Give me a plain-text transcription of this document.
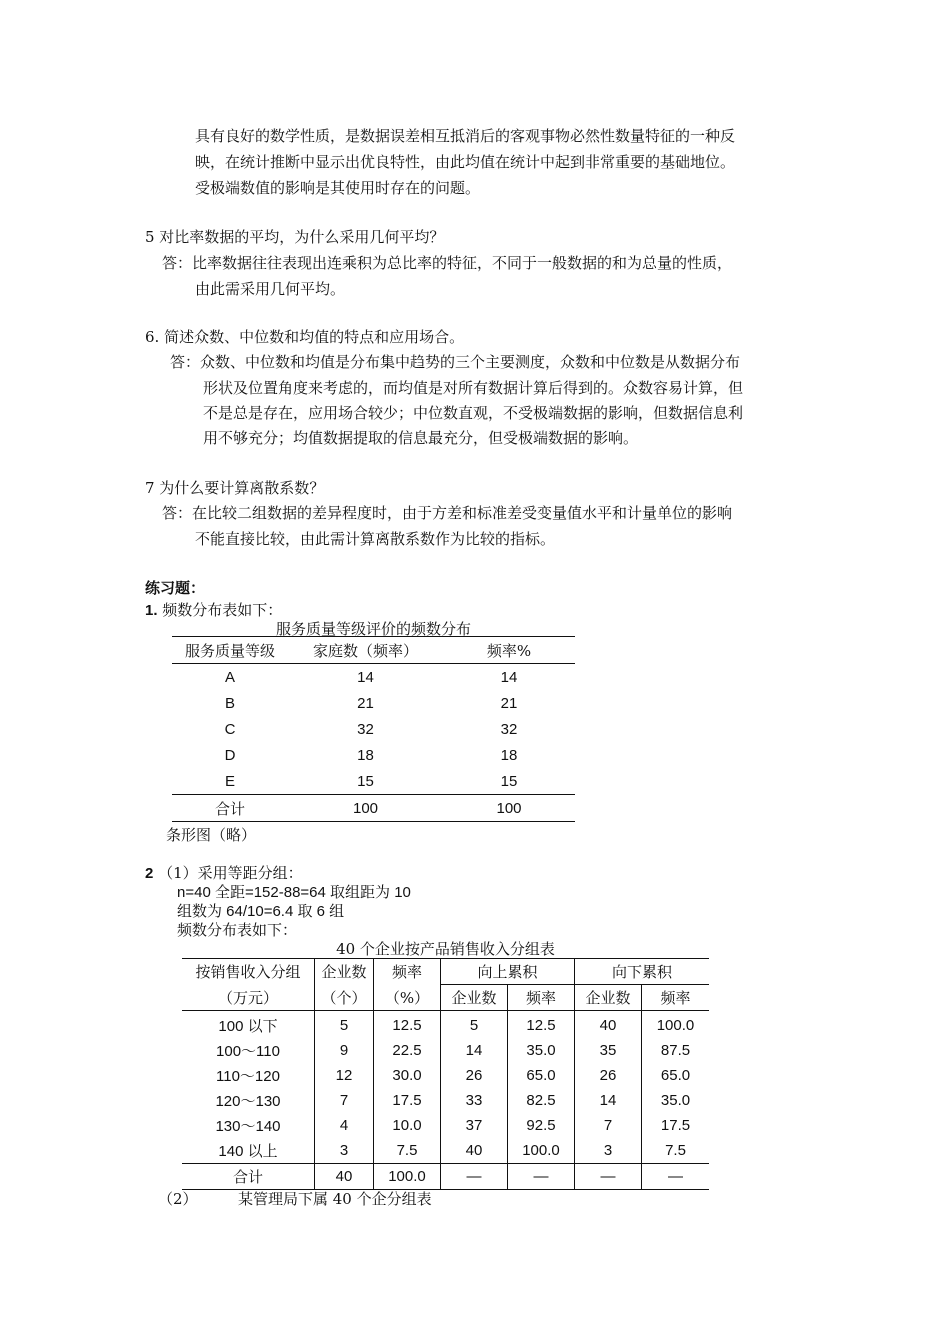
具有良好的数学性质，是数据误差相互抵消后的客观事物必然性数量特征的一种反
映，在统计推断中显示出优良特性，由此均值在统计中起到非常重要的基础地位。
受极端数值的影响是其使用时存在的问题。
5 对比率数据的平均，为什么采用几何平均？
答：比率数据往往表现出连乘积为总比率的特征，不同于一般数据的和为总量的性质，
由此需采用几何平均。
6. 简述众数、中位数和均值的特点和应用场合。
答：众数、中位数和均值是分布集中趋势的三个主要测度，众数和中位数是从数据分布
形状及位置角度来考虑的，而均值是对所有数据计算后得到的。众数容易计算，但
不是总是存在，应用场合较少；中位数直观，不受极端数据的影响，但数据信息利
用不够充分；均值数据提取的信息最充分，但受极端数据的影响。
7 为什么要计算离散系数？
答：在比较二组数据的差异程度时，由于方差和标准差受变量值水平和计量单位的影响
不能直接比较，由此需计算离散系数作为比较的指标。
练习题：
1. 频数分布表如下：
服务质量等级评价的频数分布
服务质量等级	家庭数（频率）	频率%
A	14	14
B	21	21
C	32	32
D	18	18
E	15	15
合计	100	100
条形图（略）
2 （1）采用等距分组：
n=40 全距=152-88=64 取组距为 10
组数为 64/10=6.4 取 6 组
频数分布表如下：
40 个企业按产品销售收入分组表
按销售收入分组	企业数	频率	向上累积		向下累积	
（万元）	（个）	（%）	企业数	频率	企业数	频率
100 以下	5	12.5	5	12.5	40	100.0
100～110	9	22.5	14	35.0	35	87.5
110～120	12	30.0	26	65.0	26	65.0
120～130	7	17.5	33	82.5	14	35.0
130～140	4	10.0	37	92.5	7	17.5
140 以上	3	7.5	40	100.0	3	7.5
合计	40	100.0	—	—	—	—
（2）	某管理局下属 40 个企分组表
